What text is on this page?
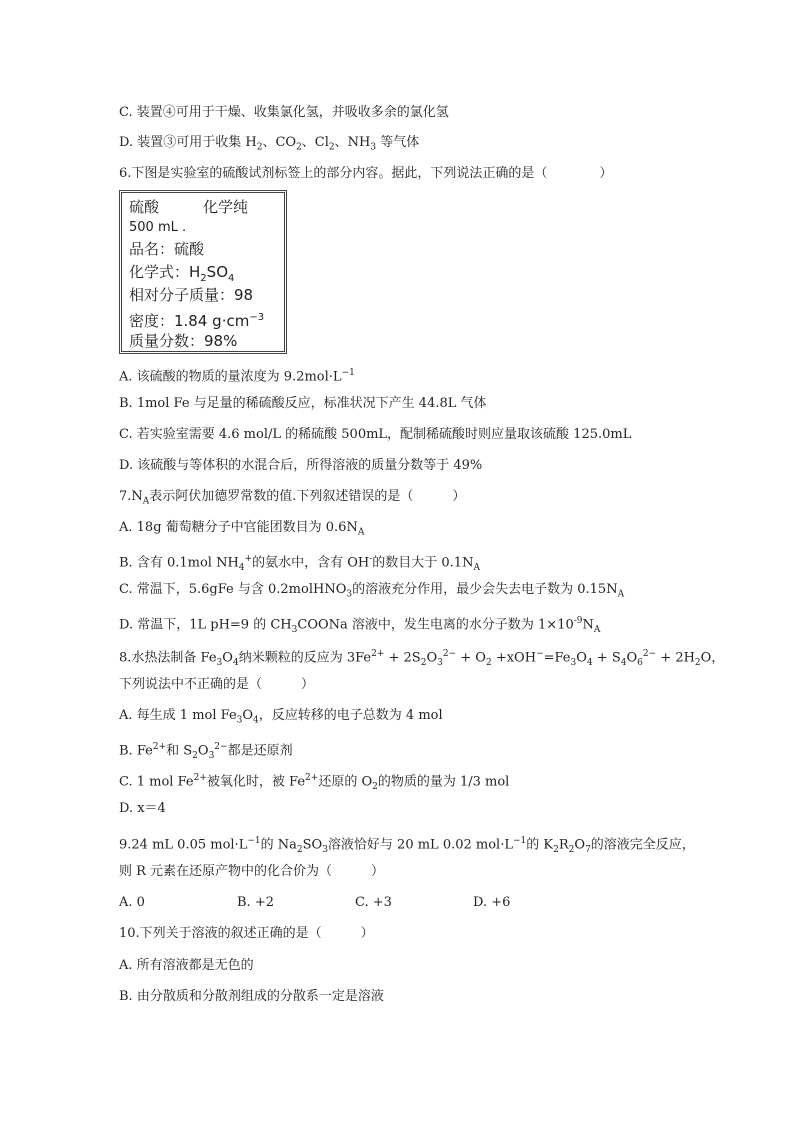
C. 装置④可用于干燥、收集氯化氢，并吸收多余的氯化氢
D. 装置③可用于收集 $H_2$、$CO_2$、$Cl_2$、$NH_3$ 等气体
6.下图是实验室的硫酸试剂标签上的部分内容。据此，下列说法正确的是（　　　　）
硫酸	化学纯
500 mL .
品名：硫酸
化学式：$H_2SO_4$
相对分子质量：98
密度：1.84 $g\cdot cm^{-3}$
质量分数：98%
A. 该硫酸的物质的量浓度为 $9.2mol\cdot L^{-1}$
B. 1mol Fe 与足量的稀硫酸反应，标准状况下产生 44.8L 气体
C. 若实验室需要 4.6 mol/L 的稀硫酸 500mL，配制稀硫酸时则应量取该硫酸 125.0mL
D. 该硫酸与等体积的水混合后，所得溶液的质量分数等于 49%
$7.N_A$表示阿伏加德罗常数的值.下列叙述错误的是（　　　）
A. 18g 葡萄糖分子中官能团数目为 $0.6N_A$
B. 含有 0.1mol $NH_4^+$的氨水中，含有 OH-的数目大于 $0.1N_A$
C. 常温下，5.6gFe 与含 0.2molHNO$_3$的溶液充分作用，最少会失去电子数为 $0.15N_A$
D. 常温下，1L pH=9 的 $CH_3COONa$ 溶液中，发生电离的水分子数为 $1\times 10^{-9}N_A$
8.水热法制备 $Fe_3O_4$纳米颗粒的反应为 $3Fe^{2+} + 2S_2O_3^{2-} + O_2 +xOH^-=Fe_3O_4 + S_4O_6^{2-} + 2H_2O$，
下列说法中不正确的是（　　　）
A. 每生成 1 mol $Fe_3O_4$，反应转移的电子总数为 4 mol
B. $Fe^{2+}$和 $S_2O_3^{2-}$都是还原剂
C. 1 mol $Fe^{2+}$被氧化时，被 $Fe^{2+}$还原的 $O_2$的物质的量为 1/3 mol
D. x＝4
9.24 mL 0.05 $mol\cdot L^{-1}$的 $Na_2SO_3$溶液恰好与 20 mL 0.02 $mol\cdot L^{-1}$的 $K_2R_2O_7$的溶液完全反应，
则 R 元素在还原产物中的化合价为（　　　）
A. 0	B. +2	C. +3	D. +6
10.下列关于溶液的叙述正确的是（　　　）
A. 所有溶液都是无色的
B. 由分散质和分散剂组成的分散系一定是溶液
